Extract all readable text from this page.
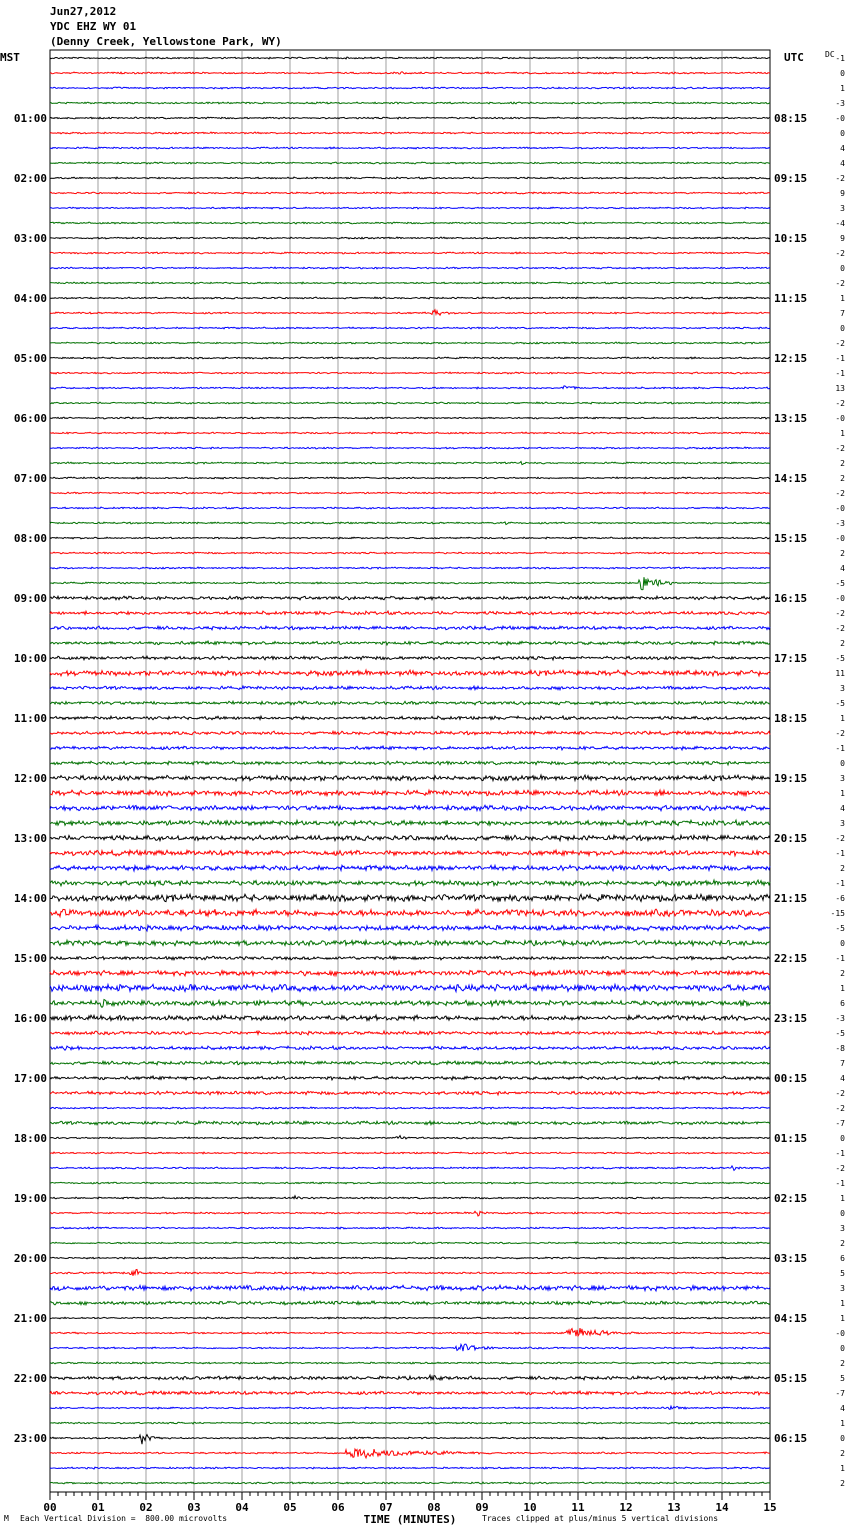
Jun27,2012
YDC EHZ WY 01
(Denny Creek, Yellowstone Park, WY)
M Each Vertical Division =  800.00 microvolts	Traces clipped at plus/minus 5 vertical divisions
00	01	02	03	04	05	06	07	08	09	10	11	12	13	14	15
TIME (MINUTES)
MST	UTC	DC
01:00
02:00
03:00
04:00
05:00
06:00
07:00
08:00
09:00
10:00
11:00
12:00
13:00
14:00
15:00
16:00
17:00
18:00
19:00
20:00
21:00
22:00
23:00
08:15
09:15
10:15
11:15
12:15
13:15
14:15
15:15
16:15
17:15
18:15
19:15
20:15
21:15
22:15
23:15
00:15
01:15
02:15
03:15
04:15
05:15
06:15
-1
0
1
-3
-0
0
4
4
-2
9
3
-4
9
-2
0
-2
1
7
0
-2
-1
-1
13
-2
-0
1
-2
2
2
-2
-0
-3
-0
2
4
-5
-0
-2
-2
2
-5
11
3
-5
1
-2
-1
0
3
1
4
3
-2
-1
2
-1
-6
-15
-5
0
-1
2
1
6
-3
-5
-8
7
4
-2
-2
-7
0
-1
-2
-1
1
0
3
2
6
5
3
1
1
-0
0
2
5
-7
4
1
0
2
1
2
